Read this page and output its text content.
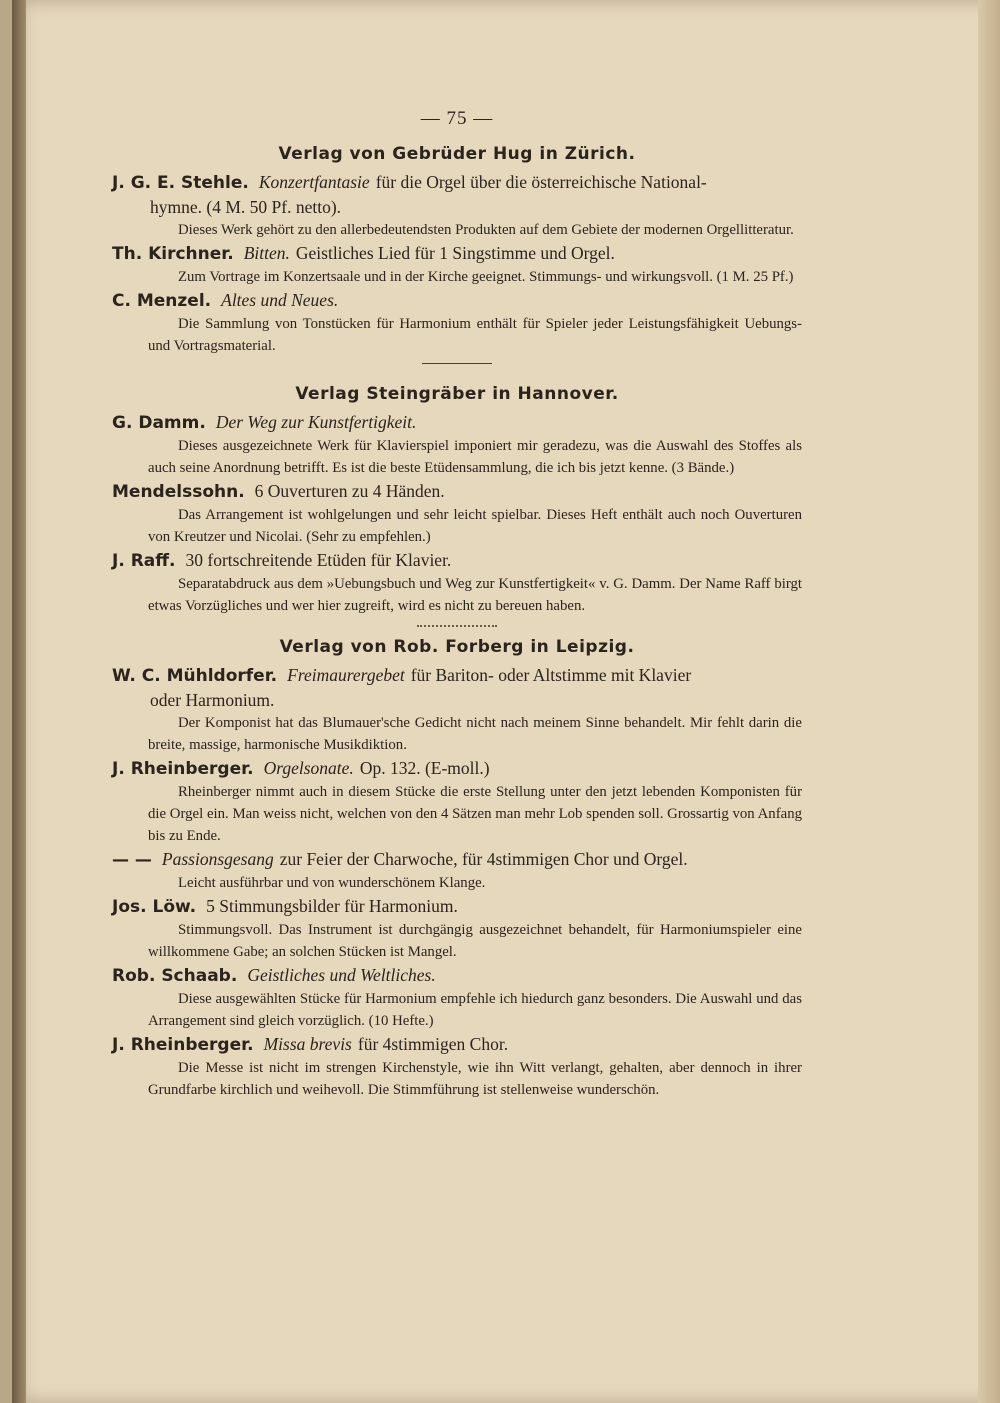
— 75 —
Verlag von Gebrüder Hug in Zürich.
J. G. E. Stehle. Konzertfantasie für die Orgel über die österreichische National-
hymne. (4 M. 50 Pf. netto).
Dieses Werk gehört zu den allerbedeutendsten Produkten auf dem Gebiete der modernen Orgellitteratur.
Th. Kirchner. Bitten. Geistliches Lied für 1 Singstimme und Orgel.
Zum Vortrage im Konzertsaale und in der Kirche geeignet. Stimmungs- und wirkungsvoll. (1 M. 25 Pf.)
C. Menzel. Altes und Neues.
Die Sammlung von Tonstücken für Harmonium enthält für Spieler jeder Leistungsfähigkeit Uebungs- und Vortragsmaterial.
Verlag Steingräber in Hannover.
G. Damm. Der Weg zur Kunstfertigkeit.
Dieses ausgezeichnete Werk für Klavierspiel imponiert mir geradezu, was die Auswahl des Stoffes als auch seine Anordnung betrifft. Es ist die beste Etüdensammlung, die ich bis jetzt kenne. (3 Bände.)
Mendelssohn. 6 Ouverturen zu 4 Händen.
Das Arrangement ist wohlgelungen und sehr leicht spielbar. Dieses Heft enthält auch noch Ouverturen von Kreutzer und Nicolai. (Sehr zu empfehlen.)
J. Raff. 30 fortschreitende Etüden für Klavier.
Separatabdruck aus dem »Uebungsbuch und Weg zur Kunstfertigkeit« v. G. Damm. Der Name Raff birgt etwas Vorzügliches und wer hier zugreift, wird es nicht zu bereuen haben.
Verlag von Rob. Forberg in Leipzig.
W. C. Mühldorfer. Freimaurergebet für Bariton- oder Altstimme mit Klavier
oder Harmonium.
Der Komponist hat das Blumauer'sche Gedicht nicht nach meinem Sinne behandelt. Mir fehlt darin die breite, massige, harmonische Musikdiktion.
J. Rheinberger. Orgelsonate. Op. 132. (E-moll.)
Rheinberger nimmt auch in diesem Stücke die erste Stellung unter den jetzt lebenden Komponisten für die Orgel ein. Man weiss nicht, welchen von den 4 Sätzen man mehr Lob spenden soll. Grossartig von Anfang bis zu Ende.
— — Passionsgesang zur Feier der Charwoche, für 4stimmigen Chor und Orgel.
Leicht ausführbar und von wunderschönem Klange.
Jos. Löw. 5 Stimmungsbilder für Harmonium.
Stimmungsvoll. Das Instrument ist durchgängig ausgezeichnet behandelt, für Harmoniumspieler eine willkommene Gabe; an solchen Stücken ist Mangel.
Rob. Schaab. Geistliches und Weltliches.
Diese ausgewählten Stücke für Harmonium empfehle ich hiedurch ganz besonders. Die Auswahl und das Arrangement sind gleich vorzüglich. (10 Hefte.)
J. Rheinberger. Missa brevis für 4stimmigen Chor.
Die Messe ist nicht im strengen Kirchenstyle, wie ihn Witt verlangt, gehalten, aber dennoch in ihrer Grundfarbe kirchlich und weihevoll. Die Stimmführung ist stellenweise wunderschön.
